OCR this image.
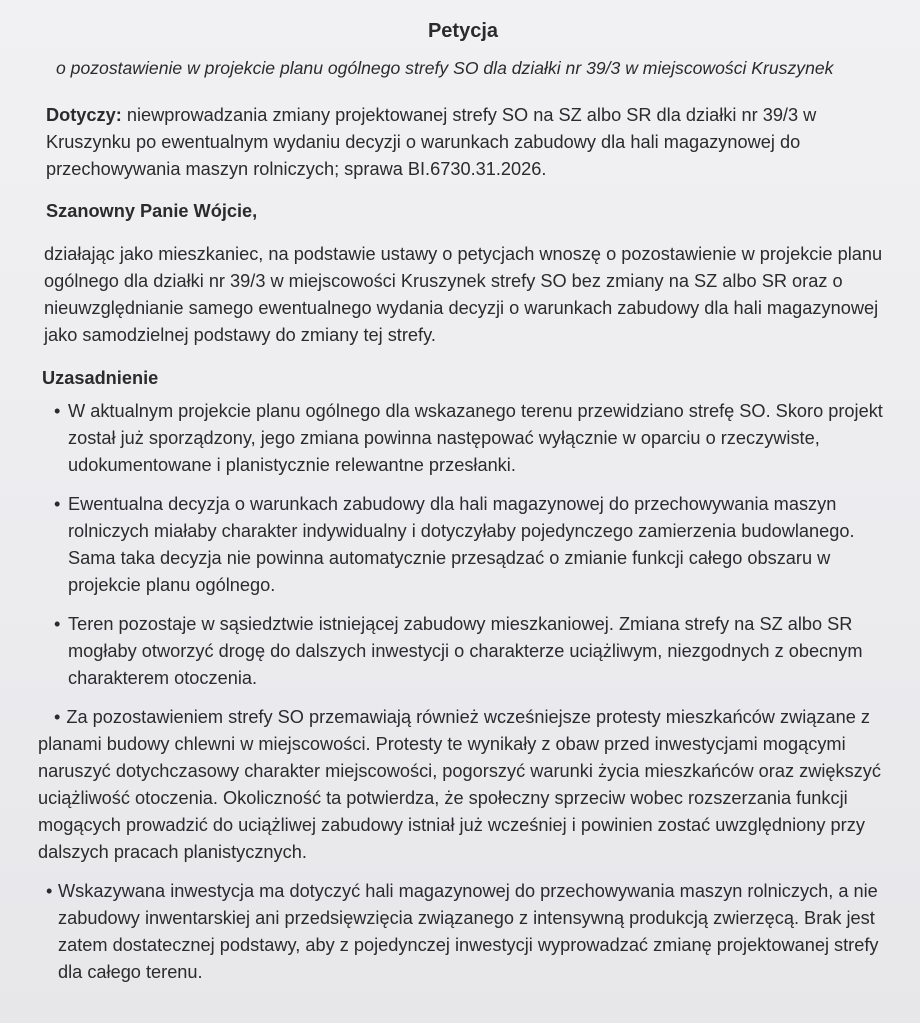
Petycja
o pozostawienie w projekcie planu ogólnego strefy SO dla działki nr 39/3 w miejscowości Kruszynek
Dotyczy: niewprowadzania zmiany projektowanej strefy SO na SZ albo SR dla działki nr 39/3 w Kruszynku po ewentualnym wydaniu decyzji o warunkach zabudowy dla hali magazynowej do przechowywania maszyn rolniczych; sprawa BI.6730.31.2026.
Szanowny Panie Wójcie,
działając jako mieszkaniec, na podstawie ustawy o petycjach wnoszę o pozostawienie w projekcie planu ogólnego dla działki nr 39/3 w miejscowości Kruszynek strefy SO bez zmiany na SZ albo SR oraz o nieuwzględnianie samego ewentualnego wydania decyzji o warunkach zabudowy dla hali magazynowej jako samodzielnej podstawy do zmiany tej strefy.
Uzasadnienie
• W aktualnym projekcie planu ogólnego dla wskazanego terenu przewidziano strefę SO. Skoro projekt został już sporządzony, jego zmiana powinna następować wyłącznie w oparciu o rzeczywiste, udokumentowane i planistycznie relewantne przesłanki.
• Ewentualna decyzja o warunkach zabudowy dla hali magazynowej do przechowywania maszyn rolniczych miałaby charakter indywidualny i dotyczyłaby pojedynczego zamierzenia budowlanego. Sama taka decyzja nie powinna automatycznie przesądzać o zmianie funkcji całego obszaru w projekcie planu ogólnego.
• Teren pozostaje w sąsiedztwie istniejącej zabudowy mieszkaniowej. Zmiana strefy na SZ albo SR mogłaby otworzyć drogę do dalszych inwestycji o charakterze uciążliwym, niezgodnych z obecnym charakterem otoczenia.
• Za pozostawieniem strefy SO przemawiają również wcześniejsze protesty mieszkańców związane z planami budowy chlewni w miejscowości. Protesty te wynikały z obaw przed inwestycjami mogącymi naruszyć dotychczasowy charakter miejscowości, pogorszyć warunki życia mieszkańców oraz zwiększyć uciążliwość otoczenia. Okoliczność ta potwierdza, że społeczny sprzeciw wobec rozszerzania funkcji mogących prowadzić do uciążliwej zabudowy istniał już wcześniej i powinien zostać uwzględniony przy dalszych pracach planistycznych.
• Wskazywana inwestycja ma dotyczyć hali magazynowej do przechowywania maszyn rolniczych, a nie zabudowy inwentarskiej ani przedsięwzięcia związanego z intensywną produkcją zwierzęcą. Brak jest zatem dostatecznej podstawy, aby z pojedynczej inwestycji wyprowadzać zmianę projektowanej strefy dla całego terenu.
